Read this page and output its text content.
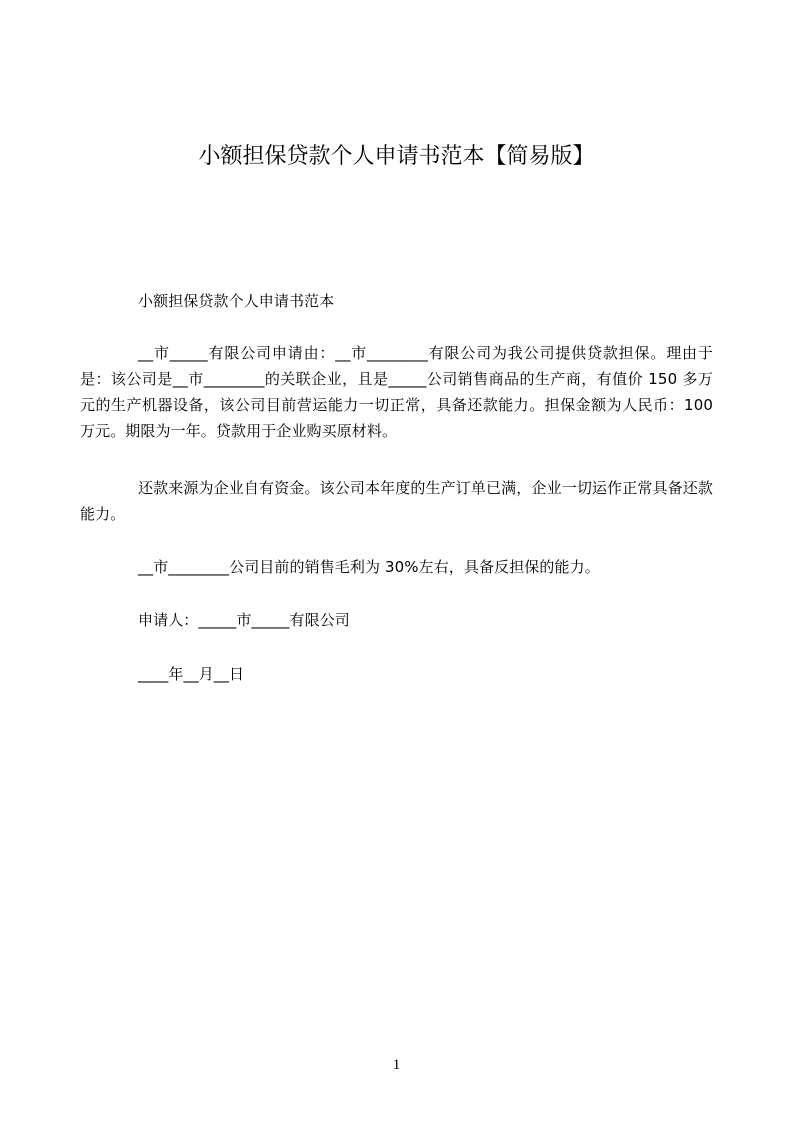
小额担保贷款个人申请书范本【简易版】
小额担保贷款个人申请书范本
__市_____有限公司申请由：__市________有限公司为我公司提供贷款担保。理由于是：该公司是__市________的关联企业，且是_____公司销售商品的生产商，有值价 150 多万元的生产机器设备，该公司目前营运能力一切正常，具备还款能力。担保金额为人民币：100 万元。期限为一年。贷款用于企业购买原材料。
还款来源为企业自有资金。该公司本年度的生产订单已满，企业一切运作正常具备还款能力。
__市________公司目前的销售毛利为 30%左右，具备反担保的能力。
申请人：_____市_____有限公司
____年__月__日
1
